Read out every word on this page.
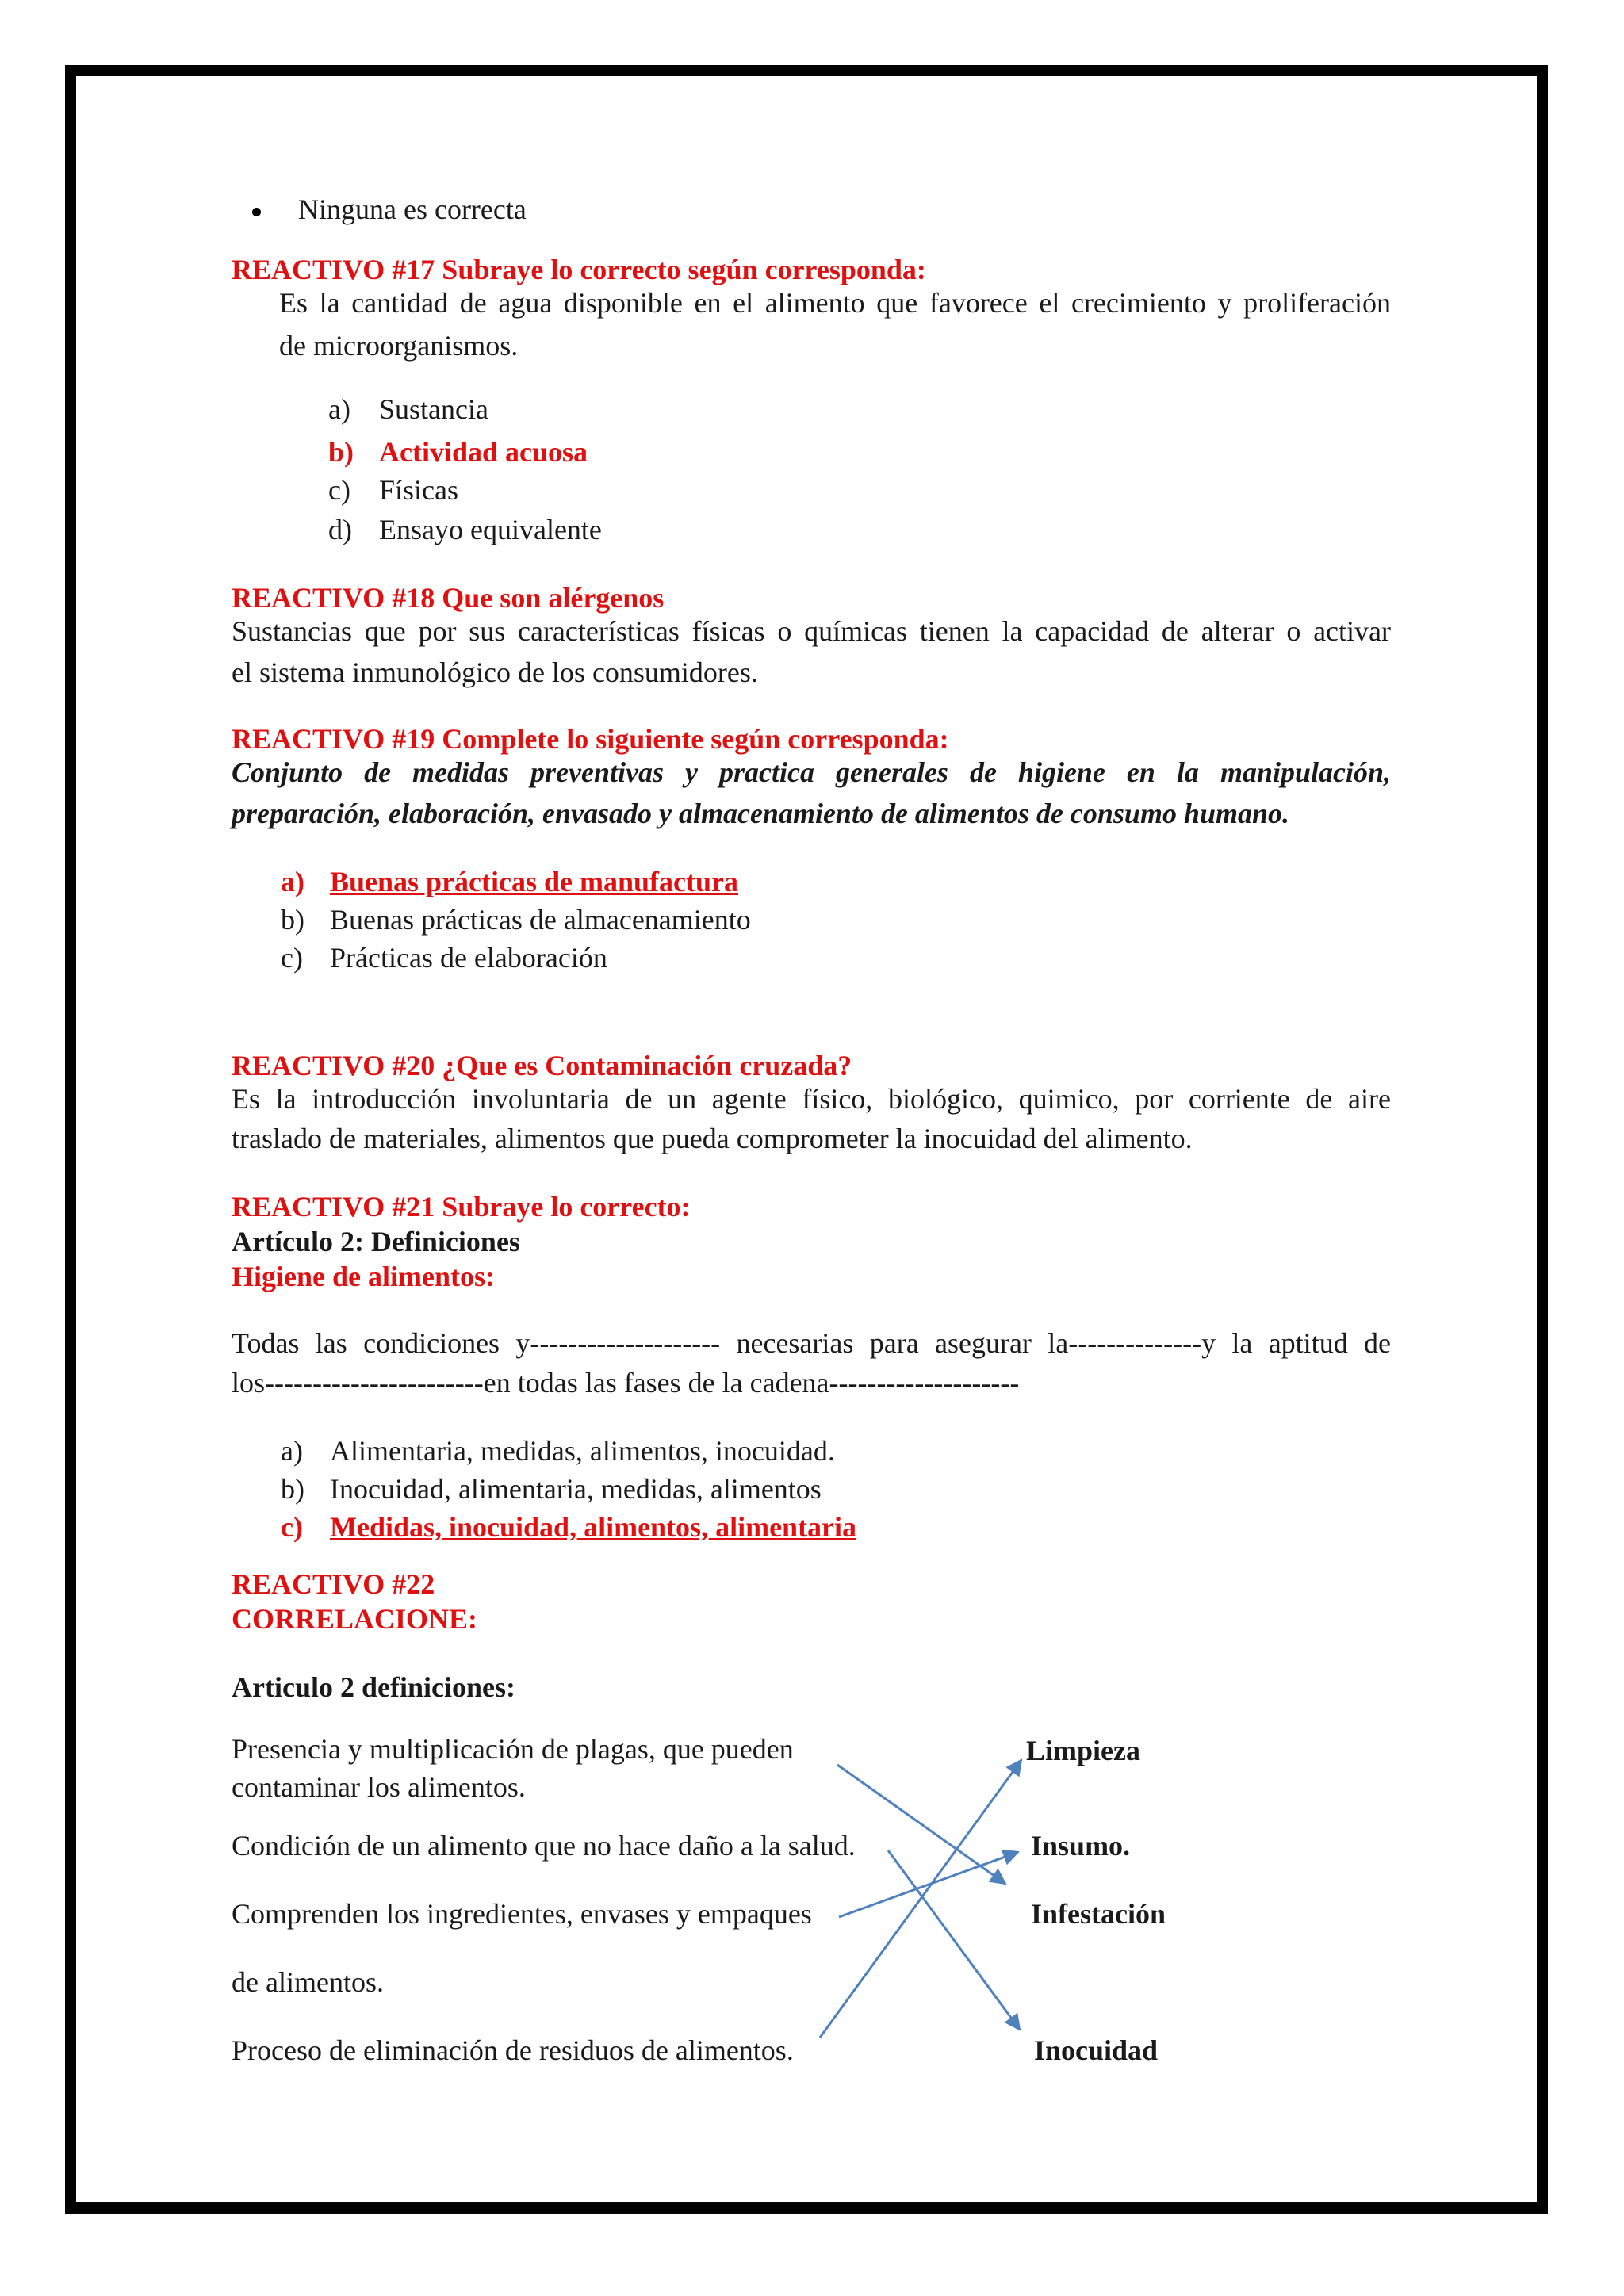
Ninguna es correcta
REACTIVO #17 Subraye lo correcto según corresponda:
Es la cantidad de agua disponible en el alimento que favorece el crecimiento y proliferación
de microorganismos.
a) Sustancia
b) Actividad acuosa
c) Físicas
d) Ensayo equivalente
REACTIVO #18 Que son alérgenos
Sustancias que por sus características físicas o químicas tienen la capacidad de alterar o activar
el sistema inmunológico de los consumidores.
REACTIVO #19 Complete lo siguiente según corresponda:
Conjunto de medidas preventivas y practica generales de higiene en la manipulación,
preparación, elaboración, envasado y almacenamiento de alimentos de consumo humano.
a) Buenas prácticas de manufactura
b) Buenas prácticas de almacenamiento
c) Prácticas de elaboración
REACTIVO #20 ¿Que es Contaminación cruzada?
Es la introducción involuntaria de un agente físico, biológico, quimico, por corriente de aire
traslado de materiales, alimentos que pueda comprometer la inocuidad del alimento.
REACTIVO #21 Subraye lo correcto:
Artículo 2: Definiciones
Higiene de alimentos:
Todas las condiciones y-------------------- necesarias para asegurar la--------------y la aptitud de
los-----------------------en todas las fases de la cadena--------------------
a) Alimentaria, medidas, alimentos, inocuidad.
b) Inocuidad, alimentaria, medidas, alimentos
c) Medidas, inocuidad, alimentos, alimentaria
REACTIVO #22
CORRELACIONE:
Articulo 2 definiciones:
Presencia y multiplicación de plagas, que pueden
contaminar los alimentos.
Condición de un alimento que no hace daño a la salud.
Comprenden los ingredientes, envases y empaques
de alimentos.
Proceso de eliminación de residuos de alimentos.
Limpieza
Insumo.
Infestación
Inocuidad
